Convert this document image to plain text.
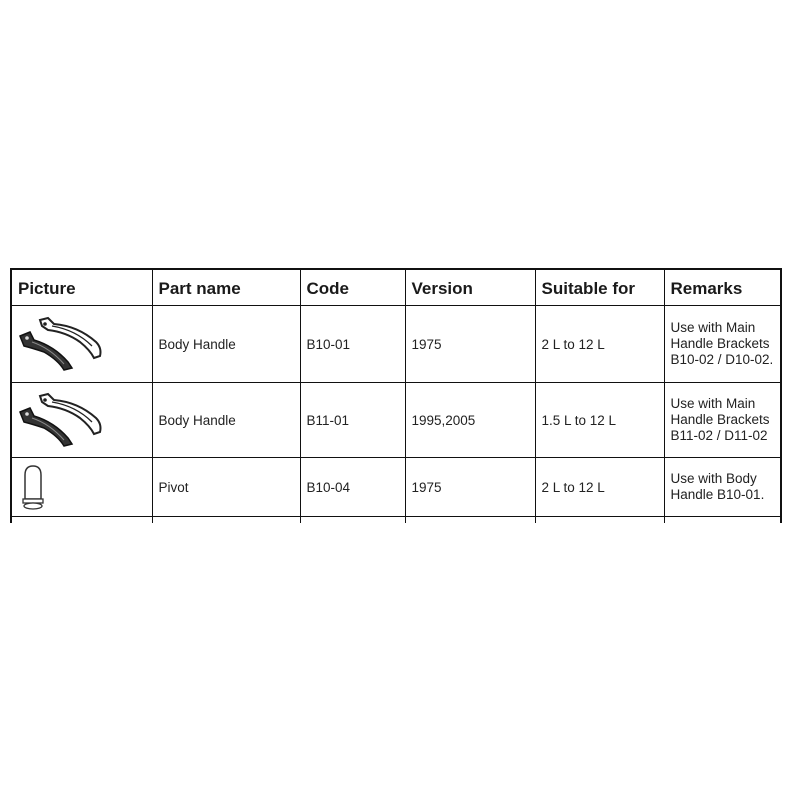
Picture	Part name	Code	Version	Suitable for	Remarks
	Body Handle	B10-01	1975	2 L to 12 L	Use with Main
Handle Brackets
B10-02 / D10-02.

	Body Handle	B11-01	1995,2005	1.5 L to 12 L	Use with Main
Handle Brackets
B11-02 / D11-02

	Pivot	B10-04	1975	2 L to 12 L	Use with Body
Handle B10-01.
